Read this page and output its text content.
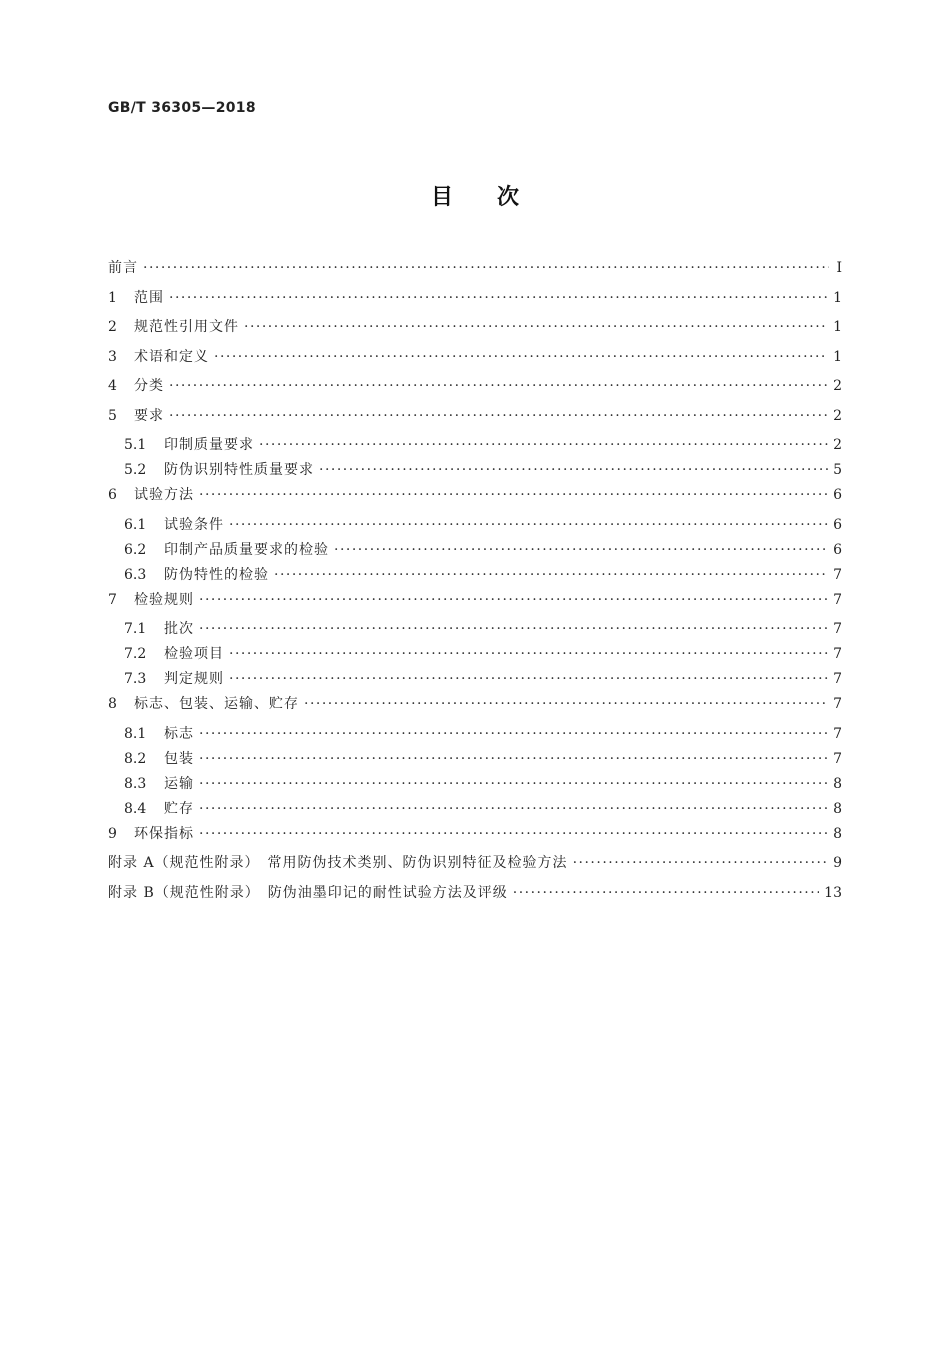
GB/T 36305—2018

目次
前言 ·····	Ⅰ
1	范围 ·····	1
2	规范性引用文件 ·····	1
3	术语和定义 ·····	1
4	分类 ·····	2
5	要求 ·····	2
5.1	印制质量要求 ·····	2
5.2	防伪识别特性质量要求 ·····	5
6	试验方法 ·····	6
6.1	试验条件 ·····	6
6.2	印制产品质量要求的检验 ·····	6
6.3	防伪特性的检验 ·····	7
7	检验规则 ·····	7
7.1	批次 ·····	7
7.2	检验项目 ·····	7
7.3	判定规则 ·····	7
8	标志、包装、运输、贮存 ·····	7
8.1	标志 ·····	7
8.2	包装 ·····	7
8.3	运输 ·····	8
8.4	贮存 ·····	8
9	环保指标 ·····	8
附录 A（规范性附录）　常用防伪技术类别、防伪识别特征及检验方法 ·····	9
附录 B（规范性附录）　防伪油墨印记的耐性试验方法及评级 ·····	13
